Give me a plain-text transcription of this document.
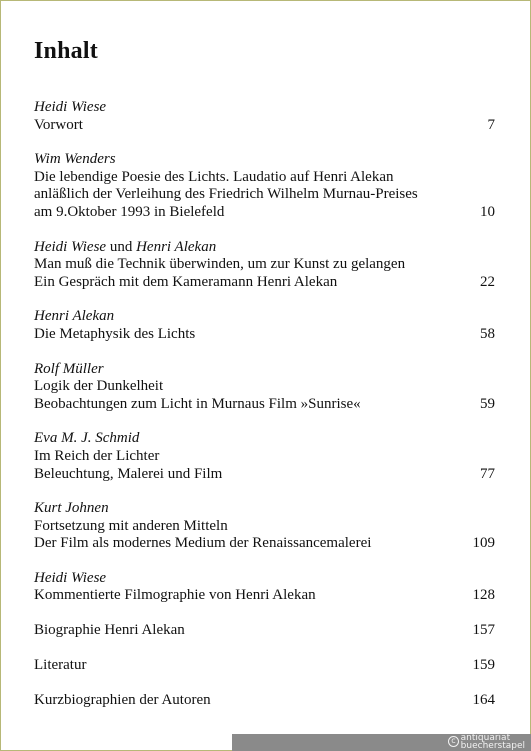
Inhalt
Heidi Wiese
Vorwort	7
Wim Wenders
Die lebendige Poesie des Lichts. Laudatio auf Henri Alekan
anläßlich der Verleihung des Friedrich Wilhelm Murnau-Preises
am 9.Oktober 1993 in Bielefeld	10
Heidi Wiese und Henri Alekan
Man muß die Technik überwinden, um zur Kunst zu gelangen
Ein Gespräch mit dem Kameramann Henri Alekan	22
Henri Alekan
Die Metaphysik des Lichts	58
Rolf Müller
Logik der Dunkelheit
Beobachtungen zum Licht in Murnaus Film »Sunrise«	59
Eva M. J. Schmid
Im Reich der Lichter
Beleuchtung, Malerei und Film	77
Kurt Johnen
Fortsetzung mit anderen Mitteln
Der Film als modernes Medium der Renaissancemalerei	109
Heidi Wiese
Kommentierte Filmographie von Henri Alekan	128
Biographie Henri Alekan	157
Literatur	159
Kurzbiographien der Autoren	164
c antiquariat
buecherstapel
